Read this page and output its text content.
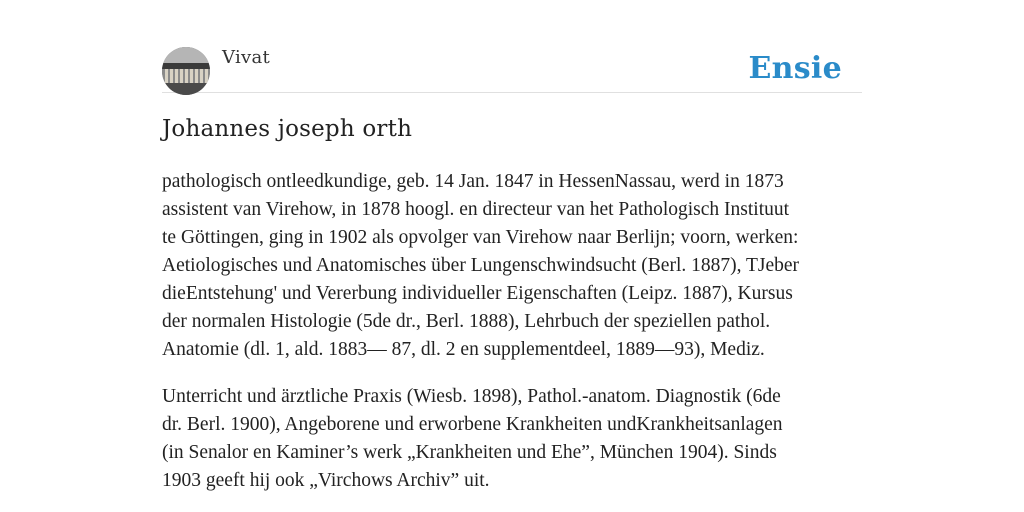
Vivat	Ensie
Johannes joseph orth

pathologisch ontleedkundige, geb. 14 Jan. 1847 in HessenNassau, werd in 1873
assistent van Virehow, in 1878 hoogl. en directeur van het Pathologisch Instituut
te Göttingen, ging in 1902 als opvolger van Virehow naar Berlijn; voorn, werken:
Aetiologisches und Anatomisches über Lungenschwindsucht (Berl. 1887), TJeber
dieEntstehung' und Vererbung individueller Eigenschaften (Leipz. 1887), Kursus
der normalen Histologie (5de dr., Berl. 1888), Lehrbuch der speziellen pathol.
Anatomie (dl. 1, ald. 1883— 87, dl. 2 en supplementdeel, 1889—93), Mediz.

Unterricht und ärztliche Praxis (Wiesb. 1898), Pathol.-anatom. Diagnostik (6de
dr. Berl. 1900), Angeborene und erworbene Krankheiten undKrankheitsanlagen
(in Senalor en Kaminer’s werk „Krankheiten und Ehe”, München 1904). Sinds
1903 geeft hij ook „Virchows Archiv” uit.
